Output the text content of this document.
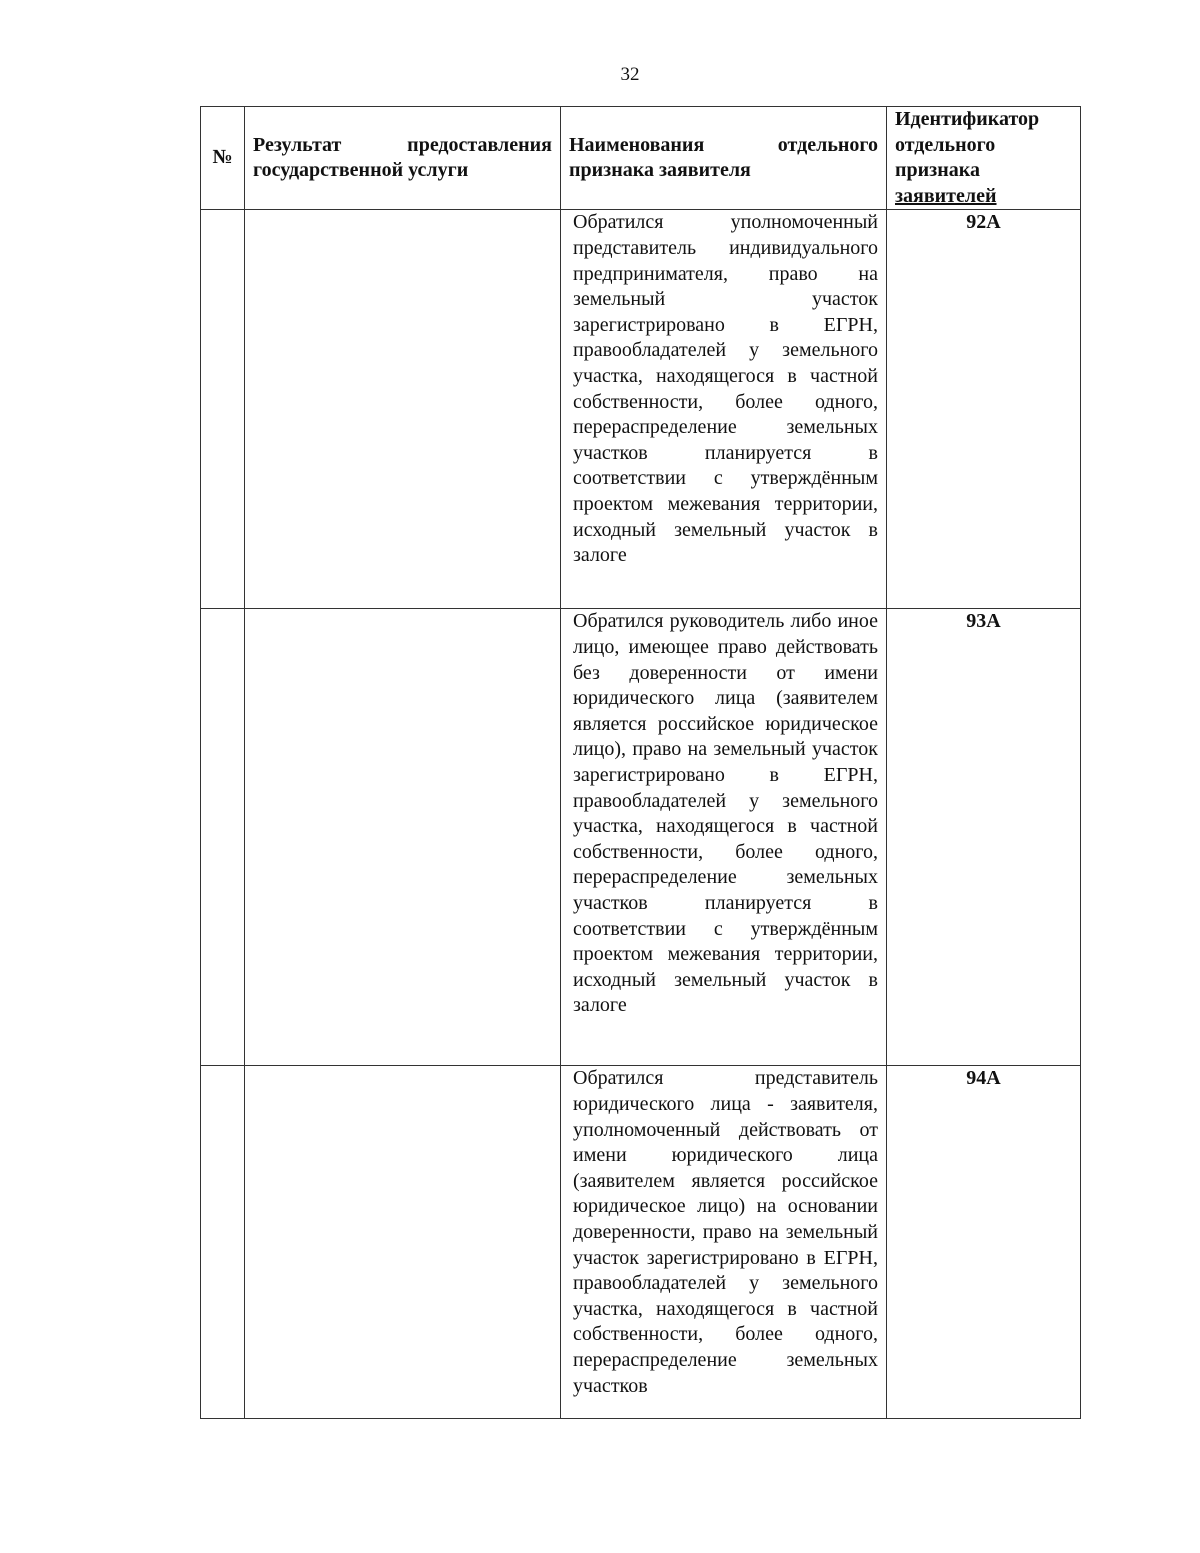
32
№	Результат предоставления государственной услуги	Наименования отдельного признака заявителя	Идентификатор
отдельного
признака
заявителей

		Обратился уполномоченный представитель индивидуального предпринимателя, право на земельный участок зарегистрировано в ЕГРН, правообладателей у земельного участка, находящегося в частной собственности, более одного, перераспределение земельных участков планируется в соответствии с утверждённым проектом межевания территории, исходный земельный участок в залоге	92А
		Обратился руководитель либо иное лицо, имеющее право действовать без доверенности от имени юридического лица (заявителем является российское юридическое лицо), право на земельный участок зарегистрировано в ЕГРН, правообладателей у земельного участка, находящегося в частной собственности, более одного, перераспределение земельных участков планируется в соответствии с утверждённым проектом межевания территории, исходный земельный участок в залоге	93А

		Обратился представитель юридического лица - заявителя, уполномоченный действовать от имени юридического лица (заявителем является российское юридическое лицо) на основании доверенности, право на земельный участок зарегистрировано в ЕГРН, правообладателей у земельного участка, находящегося в частной собственности, более одного, перераспределение земельных участков	94А
